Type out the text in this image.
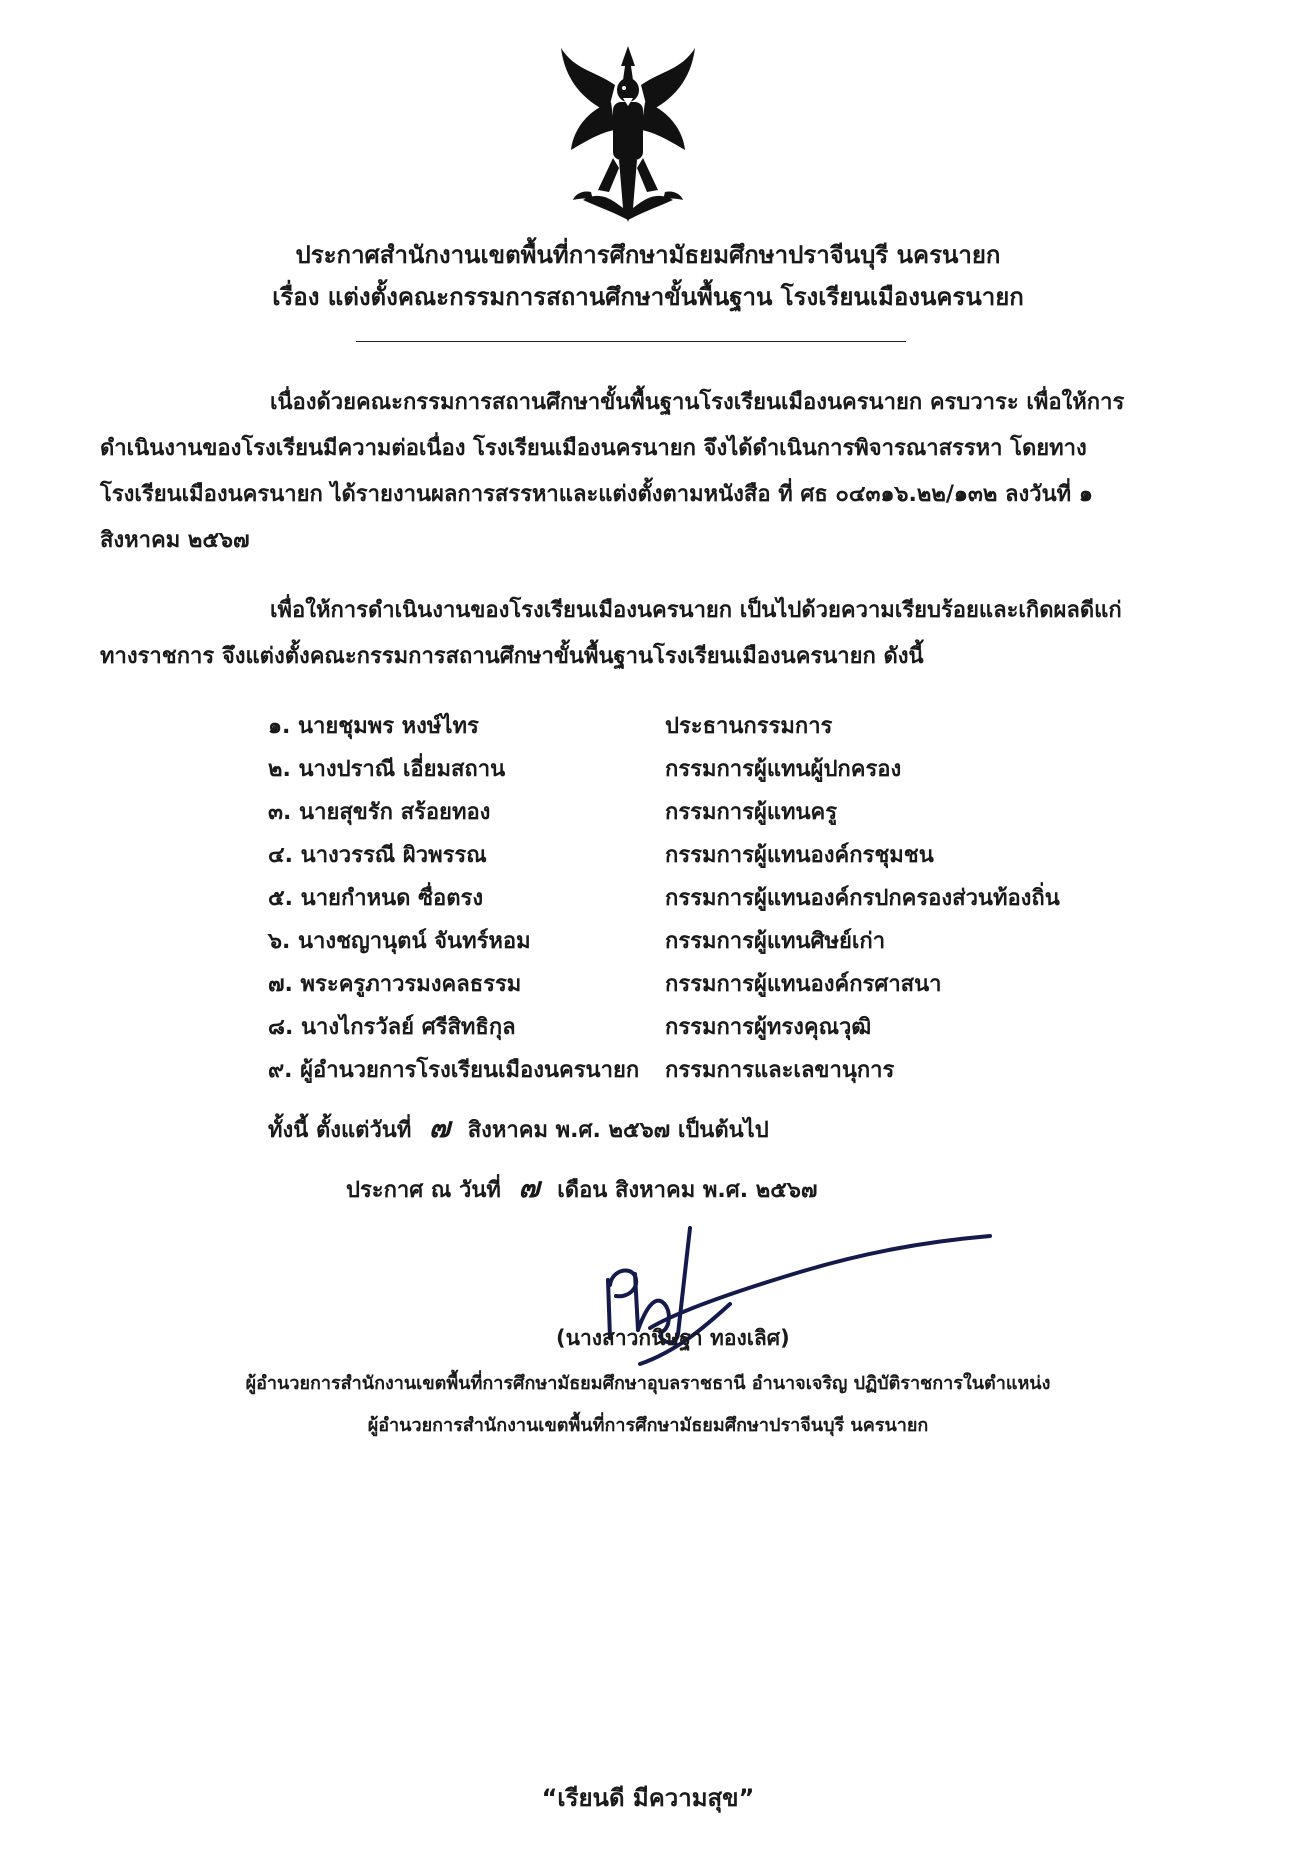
ประกาศสำนักงานเขตพื้นที่การศึกษามัธยมศึกษาปราจีนบุรี นครนายก
เรื่อง แต่งตั้งคณะกรรมการสถานศึกษาขั้นพื้นฐาน โรงเรียนเมืองนครนายก
เนื่องด้วยคณะกรรมการสถานศึกษาขั้นพื้นฐานโรงเรียนเมืองนครนายก ครบวาระ เพื่อให้การดำเนินงานของโรงเรียนมีความต่อเนื่อง โรงเรียนเมืองนครนายก จึงได้ดำเนินการพิจารณาสรรหา โดยทางโรงเรียนเมืองนครนายก ได้รายงานผลการสรรหาและแต่งตั้งตามหนังสือ ที่ ศธ ๐๔๓๑๖.๒๒/๑๓๒ ลงวันที่ ๑ สิงหาคม ๒๕๖๗
เพื่อให้การดำเนินงานของโรงเรียนเมืองนครนายก เป็นไปด้วยความเรียบร้อยและเกิดผลดีแก่ทางราชการ จึงแต่งตั้งคณะกรรมการสถานศึกษาขั้นพื้นฐานโรงเรียนเมืองนครนายก ดังนี้
๑. นายชุมพร หงษ์ไทร	ประธานกรรมการ
๒. นางปราณี เอี่ยมสถาน	กรรมการผู้แทนผู้ปกครอง
๓. นายสุขรัก สร้อยทอง	กรรมการผู้แทนครู
๔. นางวรรณี ผิวพรรณ	กรรมการผู้แทนองค์กรชุมชน
๕. นายกำหนด ซื่อตรง	กรรมการผู้แทนองค์กรปกครองส่วนท้องถิ่น
๖. นางชญานุตน์ จันทร์หอม	กรรมการผู้แทนศิษย์เก่า
๗. พระครูภาวรมงคลธรรม	กรรมการผู้แทนองค์กรศาสนา
๘. นางไกรวัลย์ ศรีสิทธิกุล	กรรมการผู้ทรงคุณวุฒิ
๙. ผู้อำนวยการโรงเรียนเมืองนครนายก	กรรมการและเลขานุการ
ทั้งนี้ ตั้งแต่วันที่ ๗ สิงหาคม พ.ศ. ๒๕๖๗ เป็นต้นไป
ประกาศ ณ วันที่ ๗ เดือน สิงหาคม พ.ศ. ๒๕๖๗
(นางสาวกนิษฐา ทองเลิศ)
ผู้อำนวยการสำนักงานเขตพื้นที่การศึกษามัธยมศึกษาอุบลราชธานี อำนาจเจริญ ปฏิบัติราชการในตำแหน่ง
ผู้อำนวยการสำนักงานเขตพื้นที่การศึกษามัธยมศึกษาปราจีนบุรี นครนายก
“เรียนดี มีความสุข”
